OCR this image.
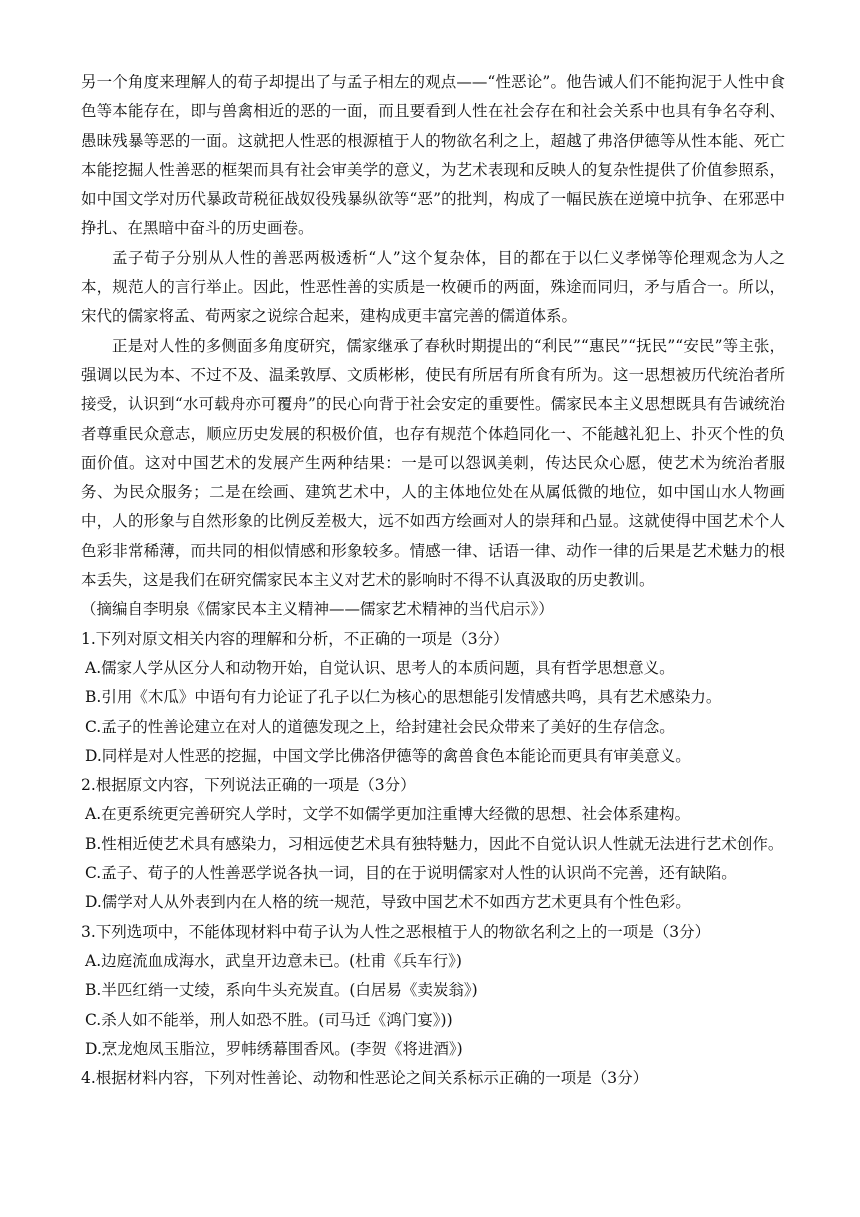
另一个角度来理解人的荀子却提出了与孟子相左的观点——“性恶论”。他告诫人们不能拘泥于人性中食色等本能存在，即与兽禽相近的恶的一面，而且要看到人性在社会存在和社会关系中也具有争名夺利、愚昧残暴等恶的一面。这就把人性恶的根源植于人的物欲名利之上，超越了弗洛伊德等从性本能、死亡本能挖掘人性善恶的框架而具有社会审美学的意义，为艺术表现和反映人的复杂性提供了价值参照系，如中国文学对历代暴政苛税征战奴役残暴纵欲等“恶”的批判，构成了一幅民族在逆境中抗争、在邪恶中挣扎、在黑暗中奋斗的历史画卷。

孟子荀子分别从人性的善恶两极透析“人”这个复杂体，目的都在于以仁义孝悌等伦理观念为人之本，规范人的言行举止。因此，性恶性善的实质是一枚硬币的两面，殊途而同归，矛与盾合一。所以，宋代的儒家将孟、荀两家之说综合起来，建构成更丰富完善的儒道体系。

正是对人性的多侧面多角度研究，儒家继承了春秋时期提出的“利民”“惠民”“抚民”“安民”等主张，强调以民为本、不过不及、温柔敦厚、文质彬彬，使民有所居有所食有所为。这一思想被历代统治者所接受，认识到“水可载舟亦可覆舟”的民心向背于社会安定的重要性。儒家民本主义思想既具有告诫统治者尊重民众意志，顺应历史发展的积极价值，也存有规范个体趋同化一、不能越礼犯上、扑灭个性的负面价值。这对中国艺术的发展产生两种结果：一是可以怨讽美刺，传达民众心愿，使艺术为统治者服务、为民众服务；二是在绘画、建筑艺术中，人的主体地位处在从属低微的地位，如中国山水人物画中，人的形象与自然形象的比例反差极大，远不如西方绘画对人的崇拜和凸显。这就使得中国艺术个人色彩非常稀薄，而共同的相似情感和形象较多。情感一律、话语一律、动作一律的后果是艺术魅力的根本丢失，这是我们在研究儒家民本主义对艺术的影响时不得不认真汲取的历史教训。

（摘编自李明泉《儒家民本主义精神——儒家艺术精神的当代启示》）

1.下列对原文相关内容的理解和分析，不正确的一项是（3分）

A.儒家人学从区分人和动物开始，自觉认识、思考人的本质问题，具有哲学思想意义。

B.引用《木瓜》中语句有力论证了孔子以仁为核心的思想能引发情感共鸣，具有艺术感染力。

C.孟子的性善论建立在对人的道德发现之上，给封建社会民众带来了美好的生存信念。

D.同样是对人性恶的挖掘，中国文学比佛洛伊德等的禽兽食色本能论而更具有审美意义。

2.根据原文内容，下列说法正确的一项是（3分）

A.在更系统更完善研究人学时，文学不如儒学更加注重博大经微的思想、社会体系建构。

B.性相近使艺术具有感染力，习相远使艺术具有独特魅力，因此不自觉认识人性就无法进行艺术创作。

C.孟子、荀子的人性善恶学说各执一词，目的在于说明儒家对人性的认识尚不完善，还有缺陷。

D.儒学对人从外表到内在人格的统一规范，导致中国艺术不如西方艺术更具有个性色彩。

3.下列选项中，不能体现材料中荀子认为人性之恶根植于人的物欲名利之上的一项是（3分）

A.边庭流血成海水，武皇开边意未已。(杜甫《兵车行》)

B.半匹红绡一丈绫，系向牛头充炭直。(白居易《卖炭翁》)

C.杀人如不能举，刑人如恐不胜。(司马迁《鸿门宴》))

D.烹龙炮凤玉脂泣，罗帏绣幕围香风。(李贺《将进酒》)

4.根据材料内容，下列对性善论、动物和性恶论之间关系标示正确的一项是（3分）
